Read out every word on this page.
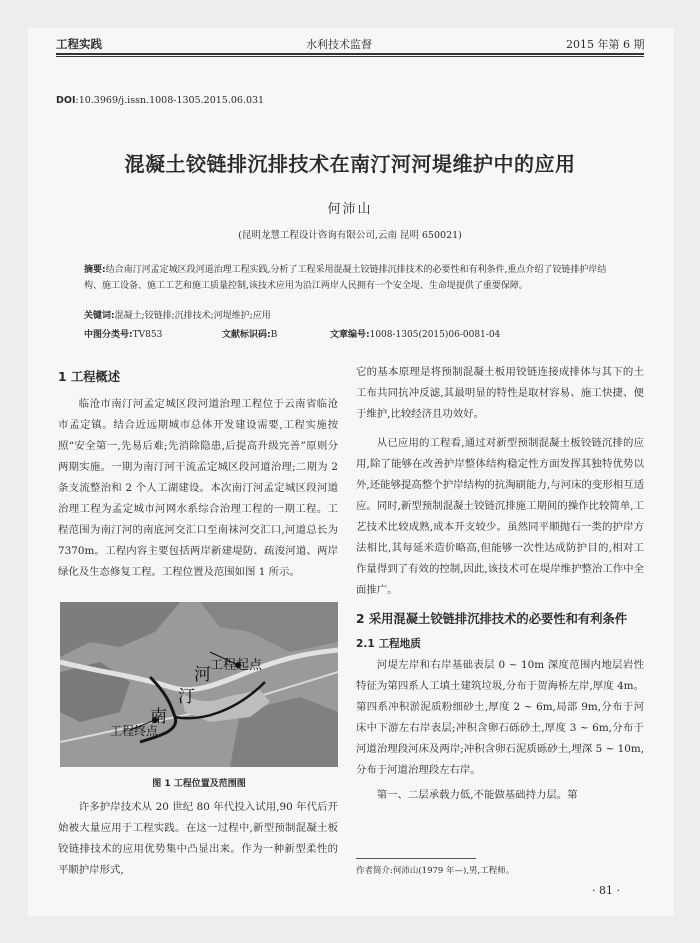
工程实践	水利技术监督	2015 年第 6 期
DOI:10.3969/j.issn.1008-1305.2015.06.031
混凝土铰链排沉排技术在南汀河河堤维护中的应用
何沛山
(昆明龙慧工程设计咨询有限公司,云南 昆明 650021)
摘要:结合南汀河孟定城区段河道治理工程实践,分析了工程采用混凝土铰链排沉排技术的必要性和有利条件,重点介绍了铰链排护岸结构、施工设备、施工工艺和施工质量控制,该技术应用为沿江两岸人民拥有一个安全堤、生命堤提供了重要保障。
关键词:混凝土;铰链排;沉排技术;河堤维护;应用
中图分类号:TV853	文献标识码:B	文章编号:1008-1305(2015)06-0081-04
1 工程概述

临沧市南汀河孟定城区段河道治理工程位于云南省临沧市孟定镇。结合近远期城市总体开发建设需要,工程实施按照“安全第一,先易后难;先消除隐患,后提高升级完善”原则分两期实施。一期为南汀河干流孟定城区段河道治理;二期为 2 条支流整治和 2 个人工湖建设。本次南汀河孟定城区段河道治理工程为孟定城市河网水系综合治理工程的一期工程。工程范围为南汀河的南底河交汇口至南袜河交汇口,河道总长为 7370m。工程内容主要包括两岸新建堤防、疏浚河道、两岸绿化及生态修复工程。工程位置及范围如图 1 所示。

工程起点
工程终点
河
汀
南
图 1 工程位置及范围图

许多护岸技术从 20 世纪 80 年代投入试用,90 年代后开始被大量应用于工程实践。在这一过程中,新型预制混凝土板铰链排技术的应用优势集中凸显出来。作为一种新型柔性的平顺护岸形式,

它的基本原理是将预制混凝土板用铰链连接成排体与其下的土工布共同抗冲反滤,其最明显的特性是取材容易、施工快捷、便于维护,比较经济且功效好。

从已应用的工程看,通过对新型预制混凝土板铰链沉排的应用,除了能够在改善护岸整体结构稳定性方面发挥其独特优势以外,还能够提高整个护岸结构的抗淘刷能力,与河床的变形相互适应。同时,新型预制混凝土铰链沉排施工期间的操作比较简单,工艺技术比较成熟,成本开支较少。虽然同平顺抛石一类的护岸方法相比,其每延米造价略高,但能够一次性达成防护目的,相对工作量得到了有效的控制,因此,该技术可在堤岸维护整治工作中全面推广。

2 采用混凝土铰链排沉排技术的必要性和有利条件
2.1 工程地质

河堤左岸和右岸基础表层 0 ~ 10m 深度范围内地层岩性特征为第四系人工填土建筑垃圾,分布于贺海桥左岸,厚度 4m。第四系冲积淤泥质粉细砂土,厚度 2 ~ 6m,局部 9m,分布于河床中下游左右岸表层;冲积含卵石砾砂土,厚度 3 ~ 6m,分布于河道治理段河床及两岸;冲积含卵石泥质砾砂土,埋深 5 ~ 10m,分布于河道治理段左右岸。

第一、二层承载力低,不能做基础持力层。第

作者简介:何沛山(1979 年—),男,工程师。
· 81 ·
